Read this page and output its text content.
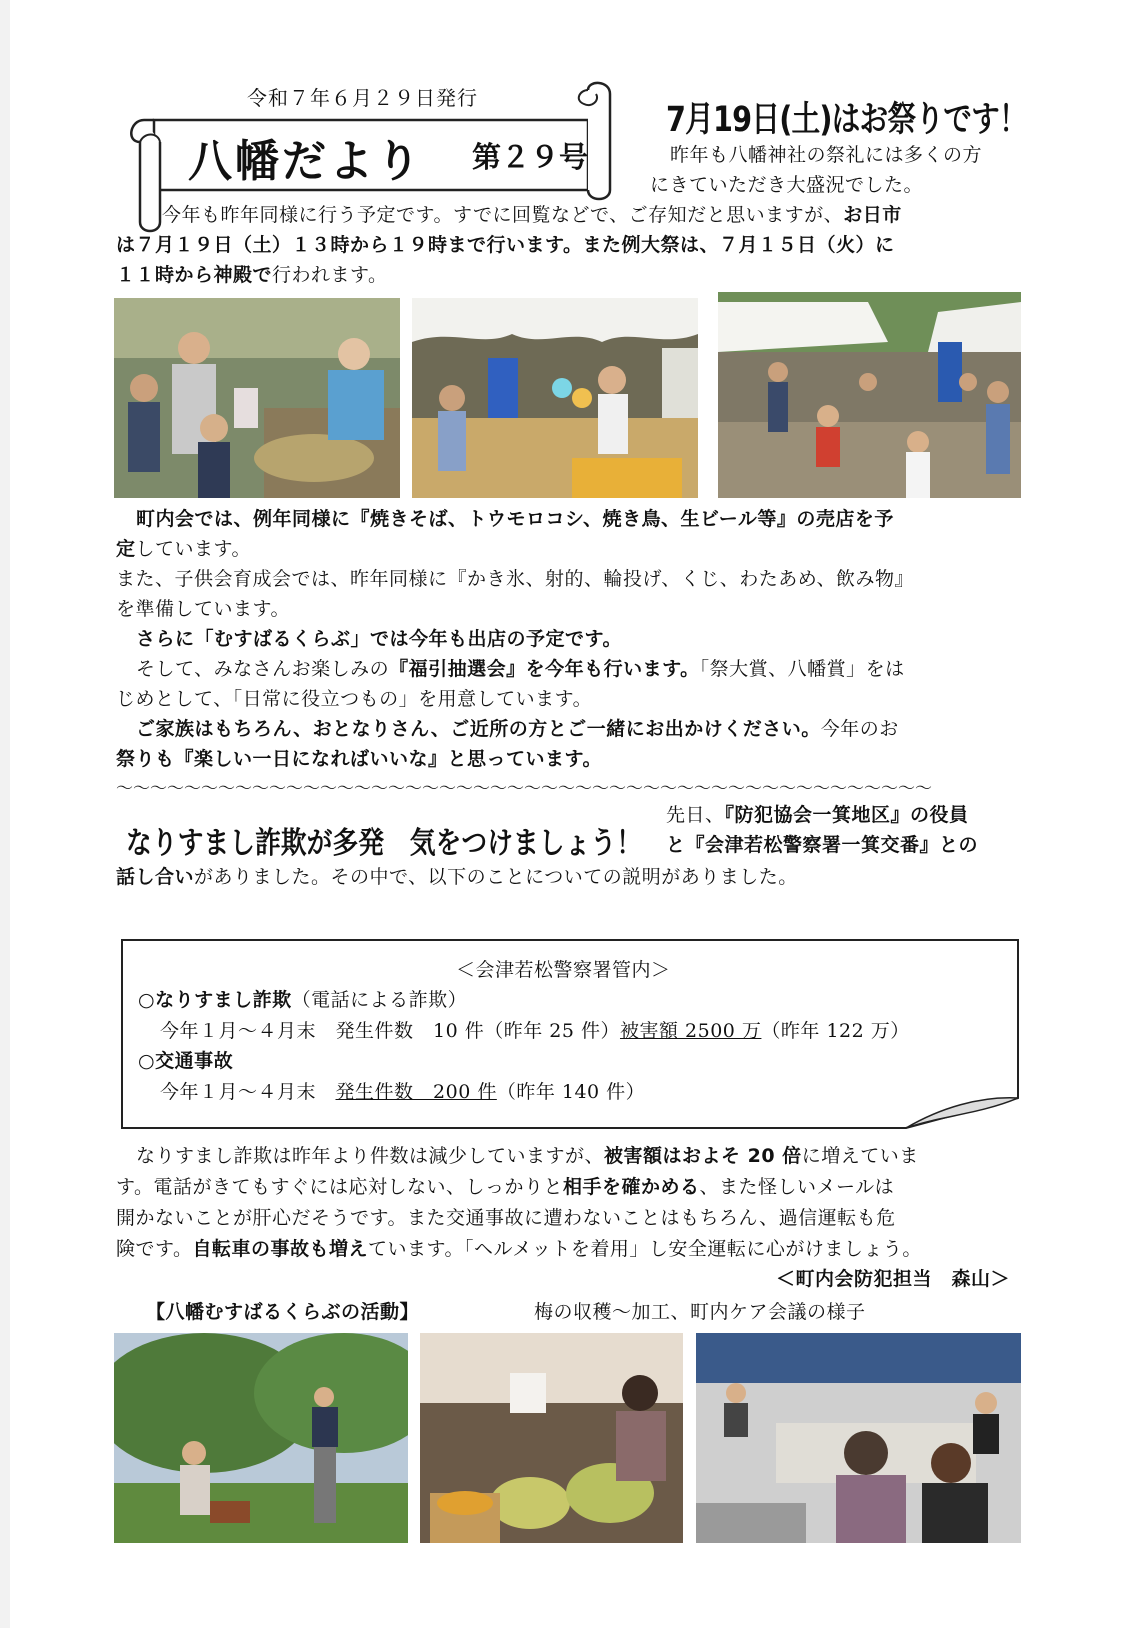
令和７年６月２９日発行
八幡だより 第２９号
7月19日(土)はお祭りです！
昨年も八幡神社の祭礼には多くの方
にきていただき大盛況でした。
今年も昨年同様に行う予定です。すでに回覧などで、ご存知だと思いますが、お日市
は７月１９日（土）１３時から１９時まで行います。また例大祭は、７月１５日（火）に
１１時から神殿で行われます。
町内会では、例年同様に『焼きそば、トウモロコシ、焼き鳥、生ビール等』の売店を予
定しています。
また、子供会育成会では、昨年同様に『かき氷、射的、輪投げ、くじ、わたあめ、飲み物』
を準備しています。
さらに「むすばるくらぶ」では今年も出店の予定です。
そして、みなさんお楽しみの『福引抽選会』を今年も行います。「祭大賞、八幡賞」をは
じめとして、「日常に役立つもの」を用意しています。
ご家族はもちろん、おとなりさん、ご近所の方とご一緒にお出かけください。今年のお
祭りも『楽しい一日になればいいな』と思っています。
〜〜〜〜〜〜〜〜〜〜〜〜〜〜〜〜〜〜〜〜〜〜〜〜〜〜〜〜〜〜〜〜〜〜〜〜〜〜〜〜〜〜〜〜〜〜〜〜
なりすまし詐欺が多発　気をつけましょう！
先日、『防犯協会一箕地区』の役員
と『会津若松警察署一箕交番』との
話し合いがありました。その中で、以下のことについての説明がありました。
＜会津若松警察署管内＞
○なりすまし詐欺（電話による詐欺）
今年１月〜４月末　発生件数　10 件（昨年 25 件）被害額 2500 万（昨年 122 万）
○交通事故
今年１月〜４月末　発生件数　200 件（昨年 140 件）
なりすまし詐欺は昨年より件数は減少していますが、被害額はおよそ 20 倍に増えていま
す。電話がきてもすぐには応対しない、しっかりと相手を確かめる、また怪しいメールは
開かないことが肝心だそうです。また交通事故に遭わないことはもちろん、過信運転も危
険です。自転車の事故も増えています。「ヘルメットを着用」し安全運転に心がけましょう。
＜町内会防犯担当　森山＞
【八幡むすばるくらぶの活動】	梅の収穫〜加工、町内ケア会議の様子
